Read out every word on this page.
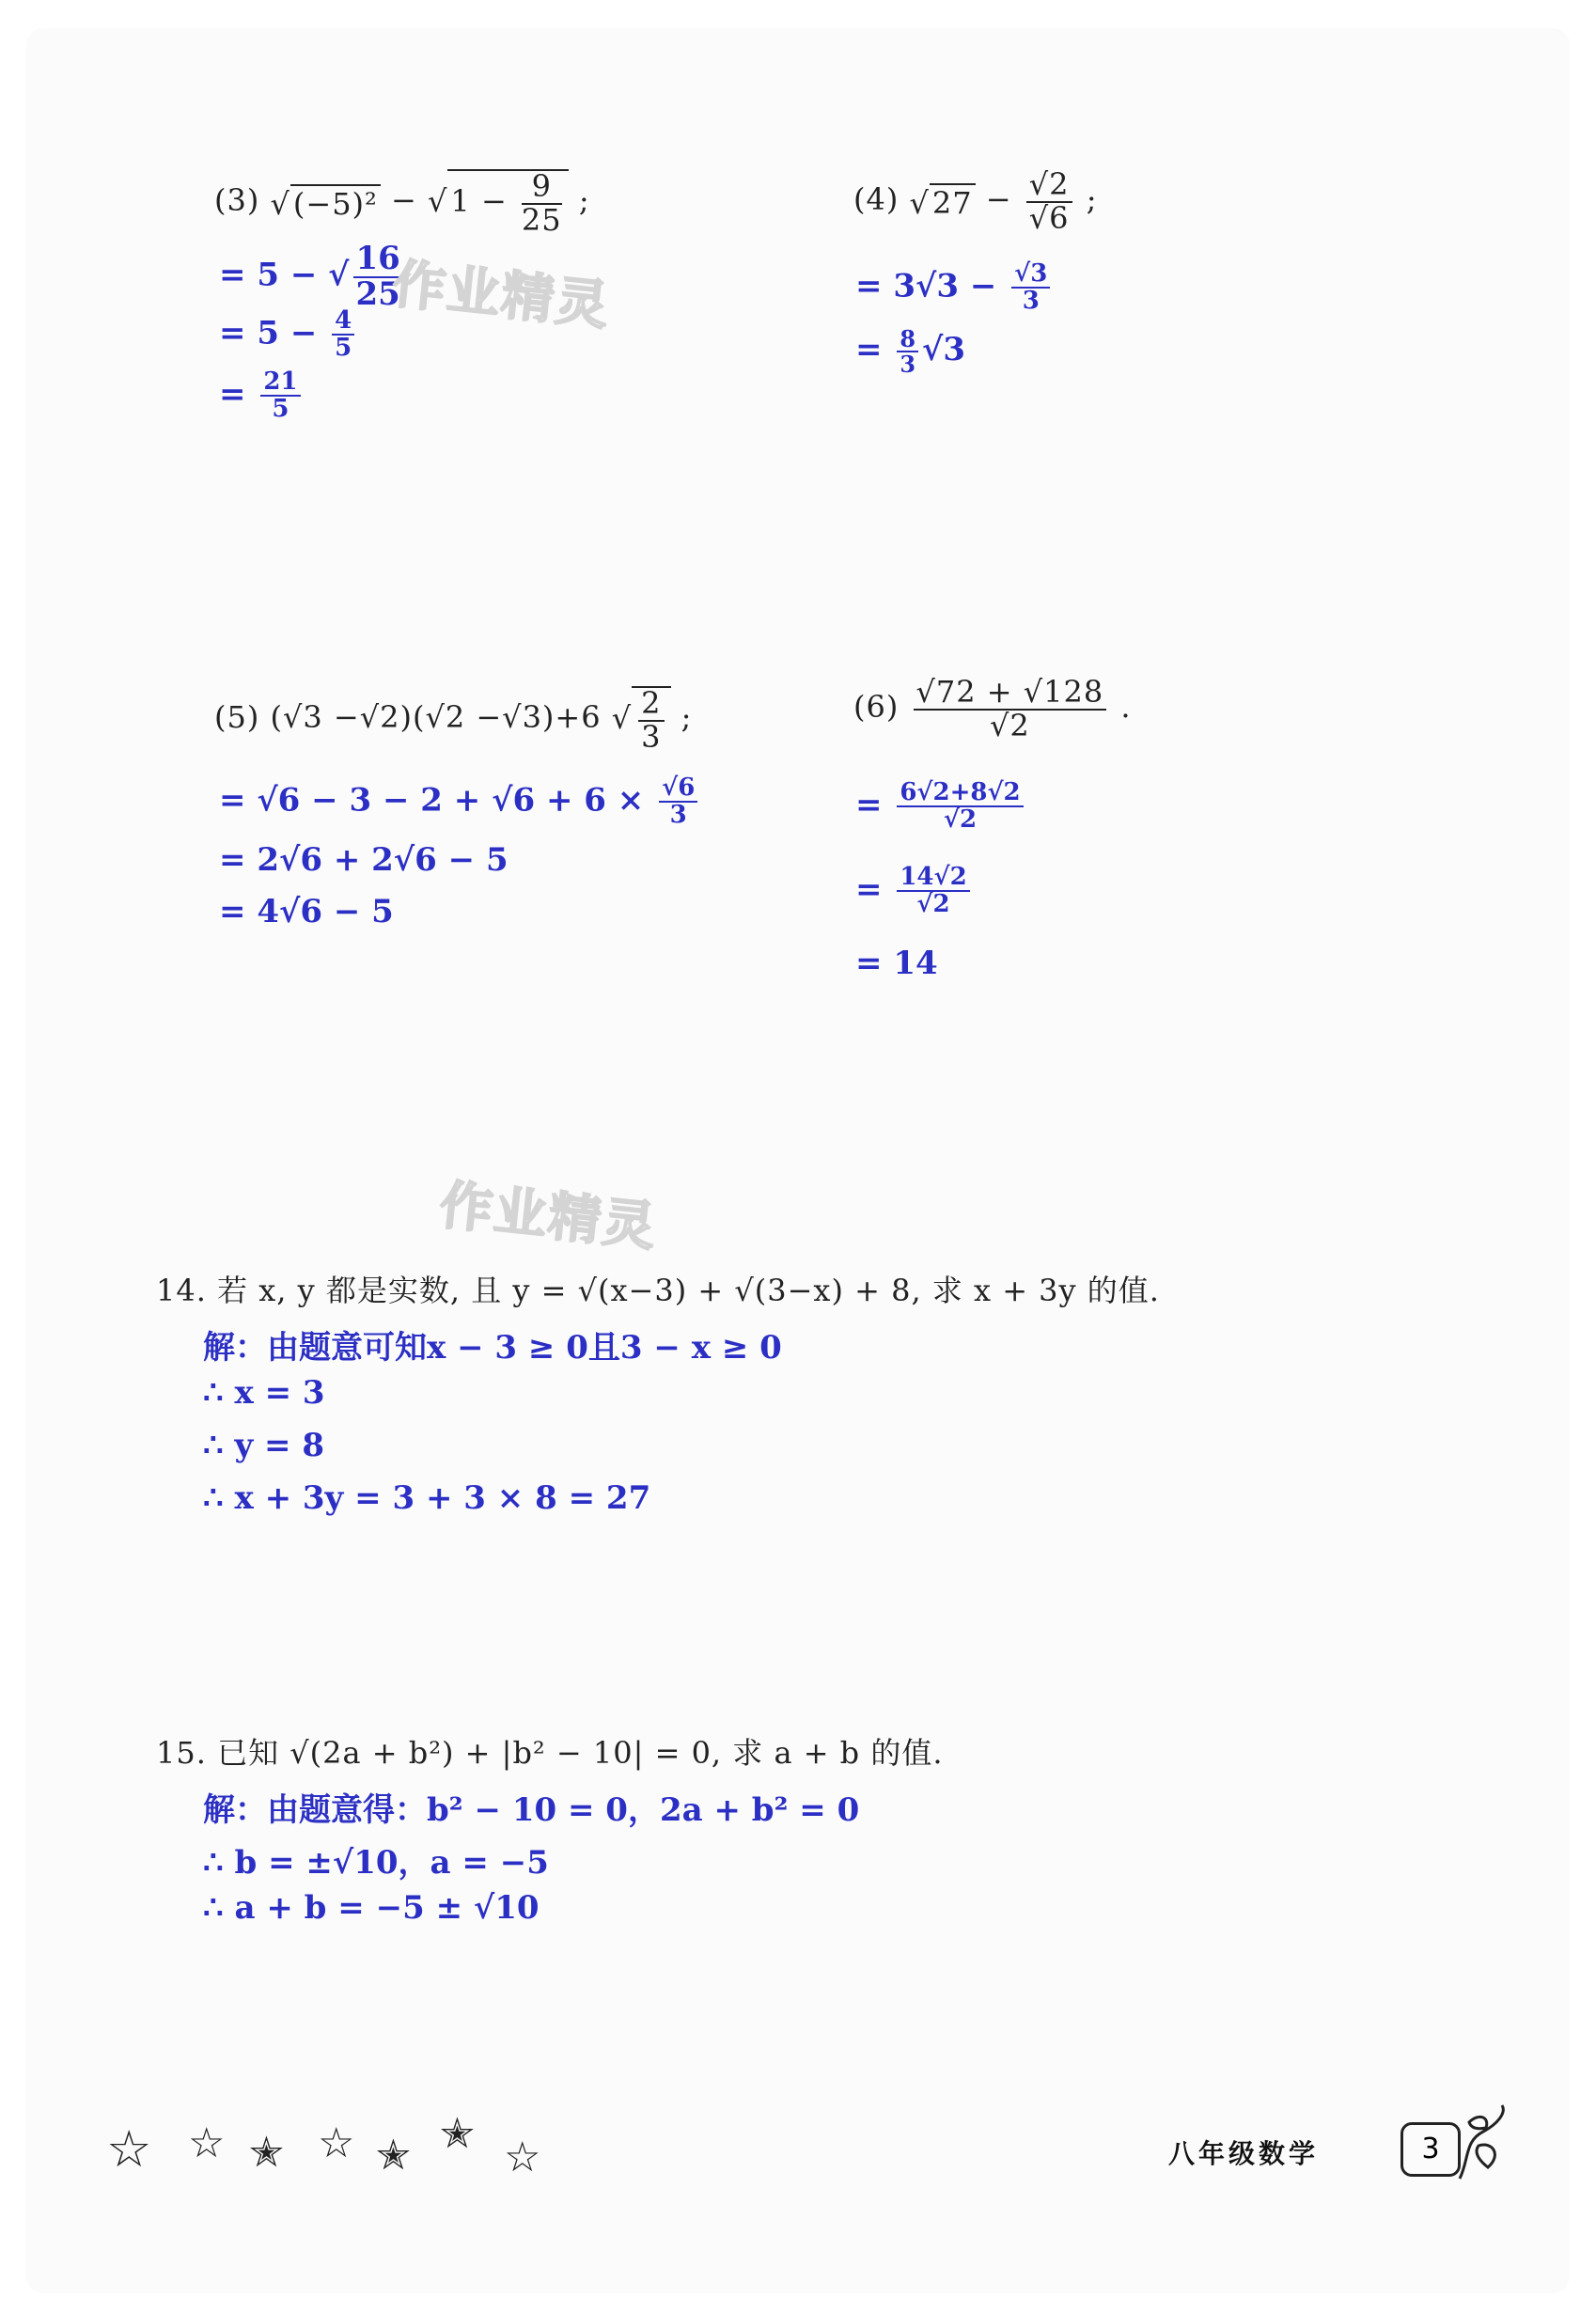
(3) $√(-5)^2 - √1 - \frac{9}{25}$ ;
= 5 − √ $\frac{16}{25}$
= $5 - \frac{4}{5}$
= $\frac{21}{5}$
(4) $√27 - \frac{√2}{√6}$ ;
= $3√3 - \frac{√3}{3}$
= $\frac{8}{3} √3$
(5) (√3 −√2)(√2 −√3)+6 √ $\frac{2}{3}$ ;
= $√6 - 3 - 2 + √6 + 6 \times \frac{√6}{3}$
= 2√6 + 2√6 − 5
= 4√6 − 5
$(6) \frac{√72 + √128}{√2}$ .
= $\frac{6√2+8√2}{√2}$
= $\frac{14√2}{√2}$
= 14
作业精灵
作业精灵
14. 若 x, y 都是实数, 且 y = √(x−3) + √(3−x) + 8, 求 x + 3y 的值.
解：由题意可知x − 3 ≥ 0且3 − x ≥ 0
∴ x = 3
∴ y = 8
∴ x + 3y = 3 + 3 × 8 = 27
15. 已知 √(2a + b²) + |b² − 10| = 0, 求 a + b 的值.
解：由题意得：b² − 10 = 0，2a + b² = 0
∴ b = ±√10，a = −5
∴ a + b = −5 ± √10
☆ ☆ ✭ ☆ ✭ ✭ ☆	八年级数学	3
